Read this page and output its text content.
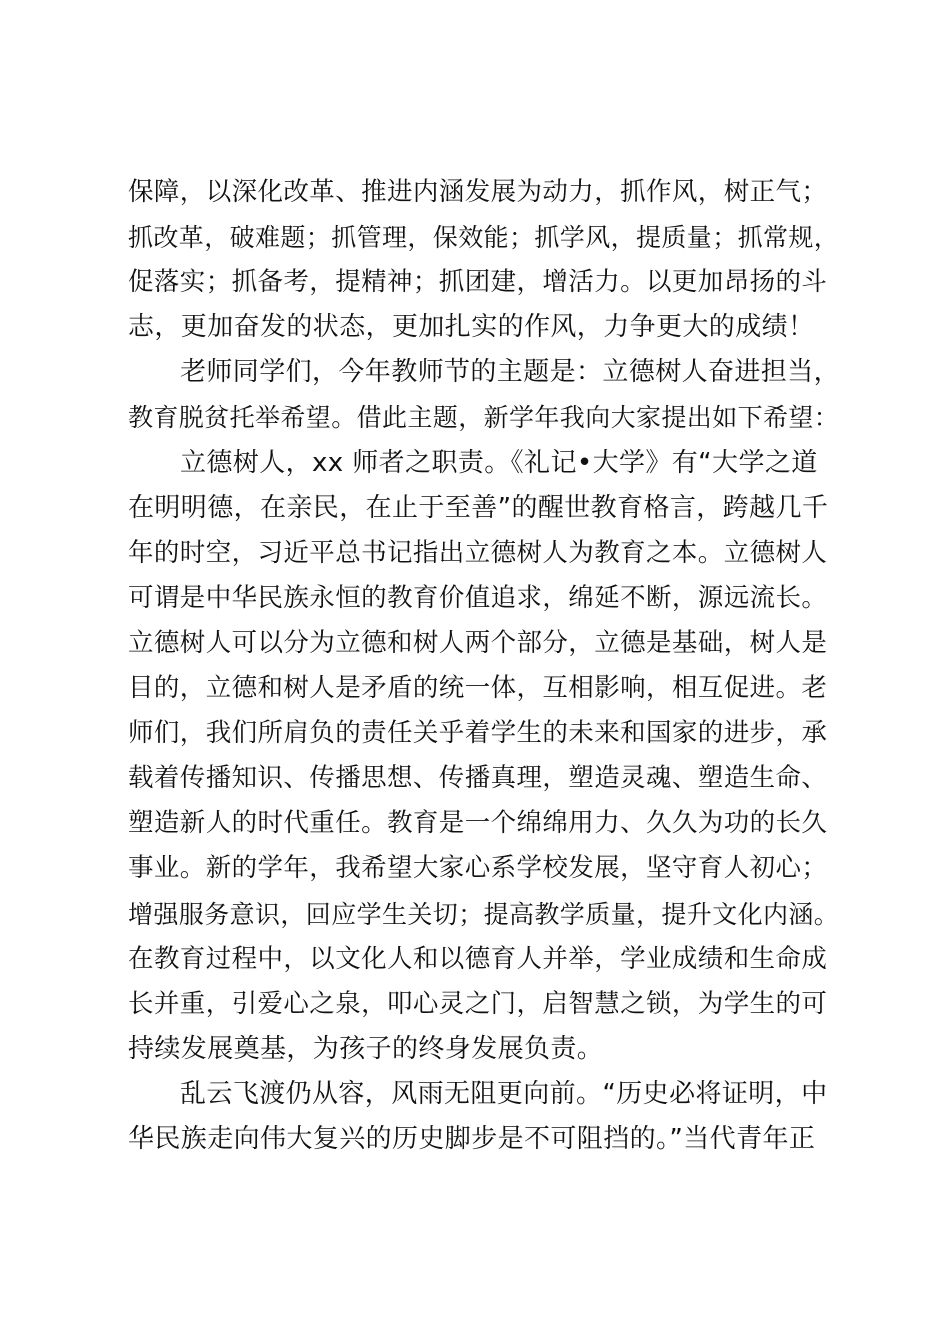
保障，以深化改革、推进内涵发展为动力，抓作风，树正气；
抓改革，破难题；抓管理，保效能；抓学风，提质量；抓常规，
促落实；抓备考，提精神；抓团建，增活力。以更加昂扬的斗
志，更加奋发的状态，更加扎实的作风，力争更大的成绩！
老师同学们，今年教师节的主题是：立德树人奋进担当，
教育脱贫托举希望。借此主题，新学年我向大家提出如下希望：
立德树人，xx 师者之职责。《礼记•大学》有“大学之道
在明明德，在亲民，在止于至善”的醒世教育格言，跨越几千
年的时空，习近平总书记指出立德树人为教育之本。立德树人
可谓是中华民族永恒的教育价值追求，绵延不断，源远流长。
立德树人可以分为立德和树人两个部分，立德是基础，树人是
目的，立德和树人是矛盾的统一体，互相影响，相互促进。老
师们，我们所肩负的责任关乎着学生的未来和国家的进步，承
载着传播知识、传播思想、传播真理，塑造灵魂、塑造生命、
塑造新人的时代重任。教育是一个绵绵用力、久久为功的长久
事业。新的学年，我希望大家心系学校发展，坚守育人初心；
增强服务意识，回应学生关切；提高教学质量，提升文化内涵。
在教育过程中，以文化人和以德育人并举，学业成绩和生命成
长并重，引爱心之泉，叩心灵之门，启智慧之锁，为学生的可
持续发展奠基，为孩子的终身发展负责。
乱云飞渡仍从容，风雨无阻更向前。“历史必将证明，中
华民族走向伟大复兴的历史脚步是不可阻挡的。”当代青年正
